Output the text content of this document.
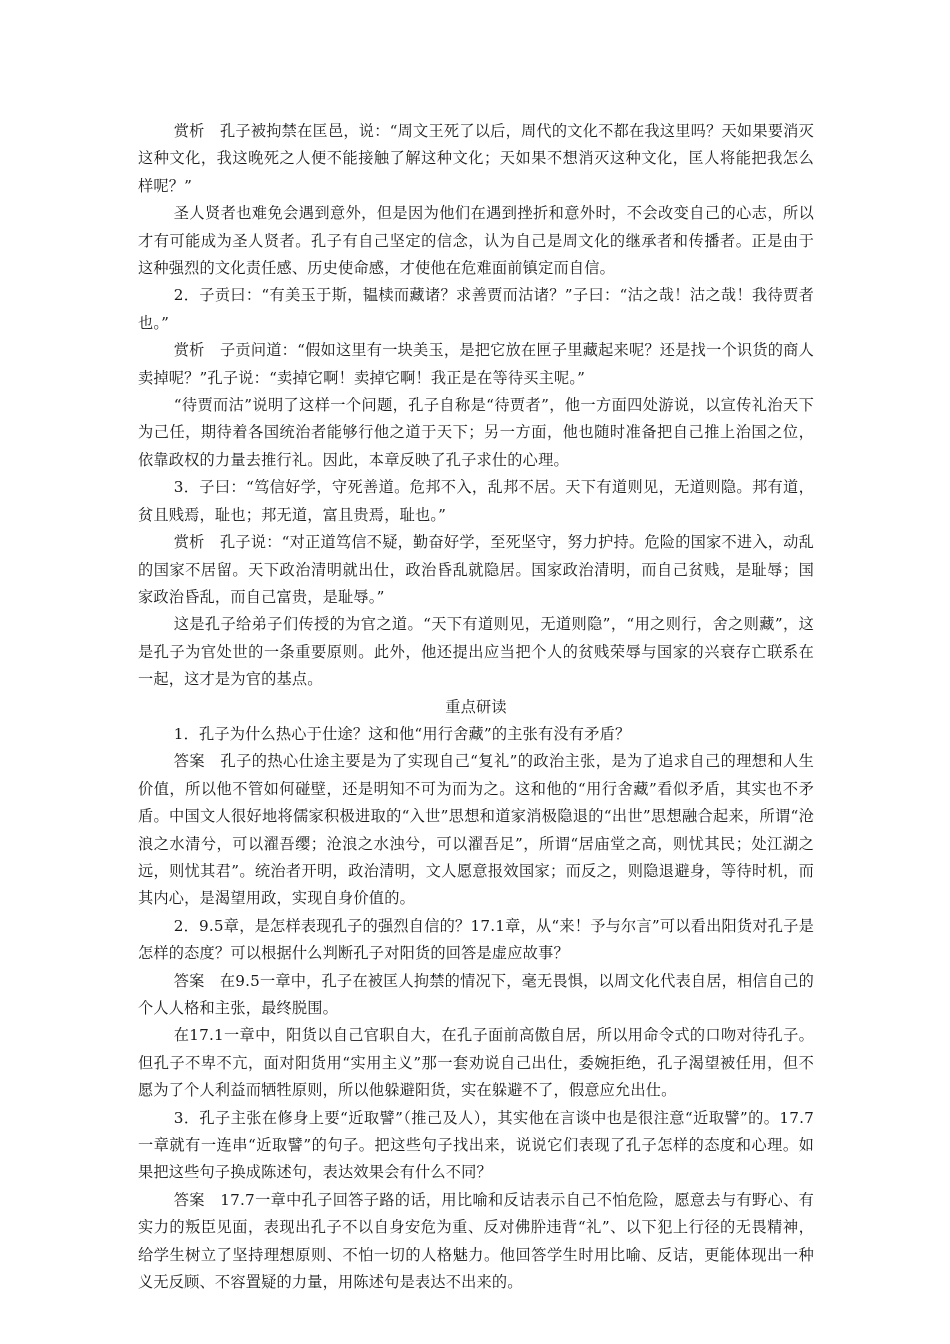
赏析　孔子被拘禁在匡邑，说：“周文王死了以后，周代的文化不都在我这里吗？天如果要消灭这种文化，我这晚死之人便不能接触了解这种文化；天如果不想消灭这种文化，匡人将能把我怎么样呢？”

圣人贤者也难免会遇到意外，但是因为他们在遇到挫折和意外时，不会改变自己的心志，所以才有可能成为圣人贤者。孔子有自己坚定的信念，认为自己是周文化的继承者和传播者。正是由于这种强烈的文化责任感、历史使命感，才使他在危难面前镇定而自信。

2．子贡曰：“有美玉于斯，韫椟而藏诸？求善贾而沽诸？”子曰：“沽之哉！沽之哉！我待贾者也。”

赏析　子贡问道：“假如这里有一块美玉，是把它放在匣子里藏起来呢？还是找一个识货的商人卖掉呢？”孔子说：“卖掉它啊！卖掉它啊！我正是在等待买主呢。”

“待贾而沽”说明了这样一个问题，孔子自称是“待贾者”，他一方面四处游说，以宣传礼治天下为己任，期待着各国统治者能够行他之道于天下；另一方面，他也随时准备把自己推上治国之位，依靠政权的力量去推行礼。因此，本章反映了孔子求仕的心理。

3．子曰：“笃信好学，守死善道。危邦不入，乱邦不居。天下有道则见，无道则隐。邦有道，贫且贱焉，耻也；邦无道，富且贵焉，耻也。”

赏析　孔子说：“对正道笃信不疑，勤奋好学，至死坚守，努力护持。危险的国家不进入，动乱的国家不居留。天下政治清明就出仕，政治昏乱就隐居。国家政治清明，而自己贫贱，是耻辱；国家政治昏乱，而自己富贵，是耻辱。”

这是孔子给弟子们传授的为官之道。“天下有道则见，无道则隐”，“用之则行，舍之则藏”，这是孔子为官处世的一条重要原则。此外，他还提出应当把个人的贫贱荣辱与国家的兴衰存亡联系在一起，这才是为官的基点。

重点研读

1．孔子为什么热心于仕途？这和他“用行舍藏”的主张有没有矛盾？

答案　孔子的热心仕途主要是为了实现自己“复礼”的政治主张，是为了追求自己的理想和人生价值，所以他不管如何碰壁，还是明知不可为而为之。这和他的“用行舍藏”看似矛盾，其实也不矛盾。中国文人很好地将儒家积极进取的“入世”思想和道家消极隐退的“出世”思想融合起来，所谓“沧浪之水清兮，可以濯吾缨；沧浪之水浊兮，可以濯吾足”，所谓“居庙堂之高，则忧其民；处江湖之远，则忧其君”。统治者开明，政治清明，文人愿意报效国家；而反之，则隐退避身，等待时机，而其内心，是渴望用政，实现自身价值的。

2．9.5章，是怎样表现孔子的强烈自信的？17.1章，从“来！予与尔言”可以看出阳货对孔子是怎样的态度？可以根据什么判断孔子对阳货的回答是虚应故事？

答案　在9.5一章中，孔子在被匡人拘禁的情况下，毫无畏惧，以周文化代表自居，相信自己的个人人格和主张，最终脱围。

在17.1一章中，阳货以自己官职自大，在孔子面前高傲自居，所以用命令式的口吻对待孔子。但孔子不卑不亢，面对阳货用“实用主义”那一套劝说自己出仕，委婉拒绝，孔子渴望被任用，但不愿为了个人利益而牺牲原则，所以他躲避阳货，实在躲避不了，假意应允出仕。

3．孔子主张在修身上要“近取譬”（推己及人），其实他在言谈中也是很注意“近取譬”的。17.7一章就有一连串“近取譬”的句子。把这些句子找出来，说说它们表现了孔子怎样的态度和心理。如果把这些句子换成陈述句，表达效果会有什么不同？

答案　17.7一章中孔子回答子路的话，用比喻和反诘表示自己不怕危险，愿意去与有野心、有实力的叛臣见面，表现出孔子不以自身安危为重、反对佛肸违背“礼”、以下犯上行径的无畏精神，给学生树立了坚持理想原则、不怕一切的人格魅力。他回答学生时用比喻、反诘，更能体现出一种义无反顾、不容置疑的力量，用陈述句是表达不出来的。
